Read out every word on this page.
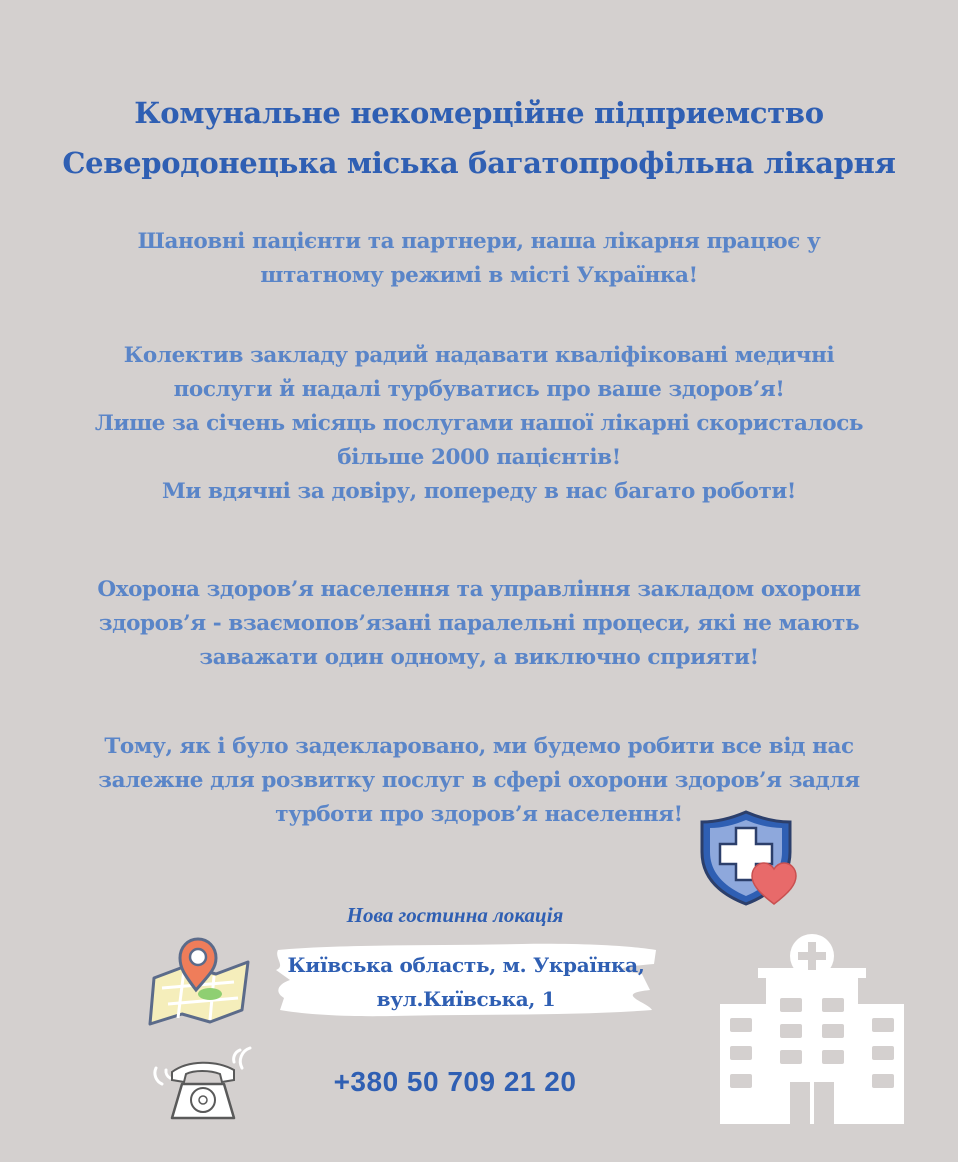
Комунальне некомерційне підприемство
Северодонецька міська багатопрофільна лікарня
Шановні пацієнти та партнери, наша лікарня працює у
штатному режимі в місті Українка!
Колектив закладу радий надавати кваліфіковані медичні
послуги й надалі турбуватись про ваше здоров’я!
Лише за січень місяць послугами нашої лікарні скористалось
більше 2000 пацієнтів!
Ми вдячні за довіру, попереду в нас багато роботи!
Охорона здоров’я населення та управління закладом охорони
здоров’я - взаємопов’язані паралельні процеси, які не мають
заважати один одному, а виключно сприяти!
Тому, як і було задекларовано, ми будемо робити все від нас
залежне для розвитку послуг в сфері охорони здоров’я задля
турботи про здоров’я населення!
Нова гостинна локація
Київська область, м. Українка,
вул.Київська, 1
+380 50 709 21 20
